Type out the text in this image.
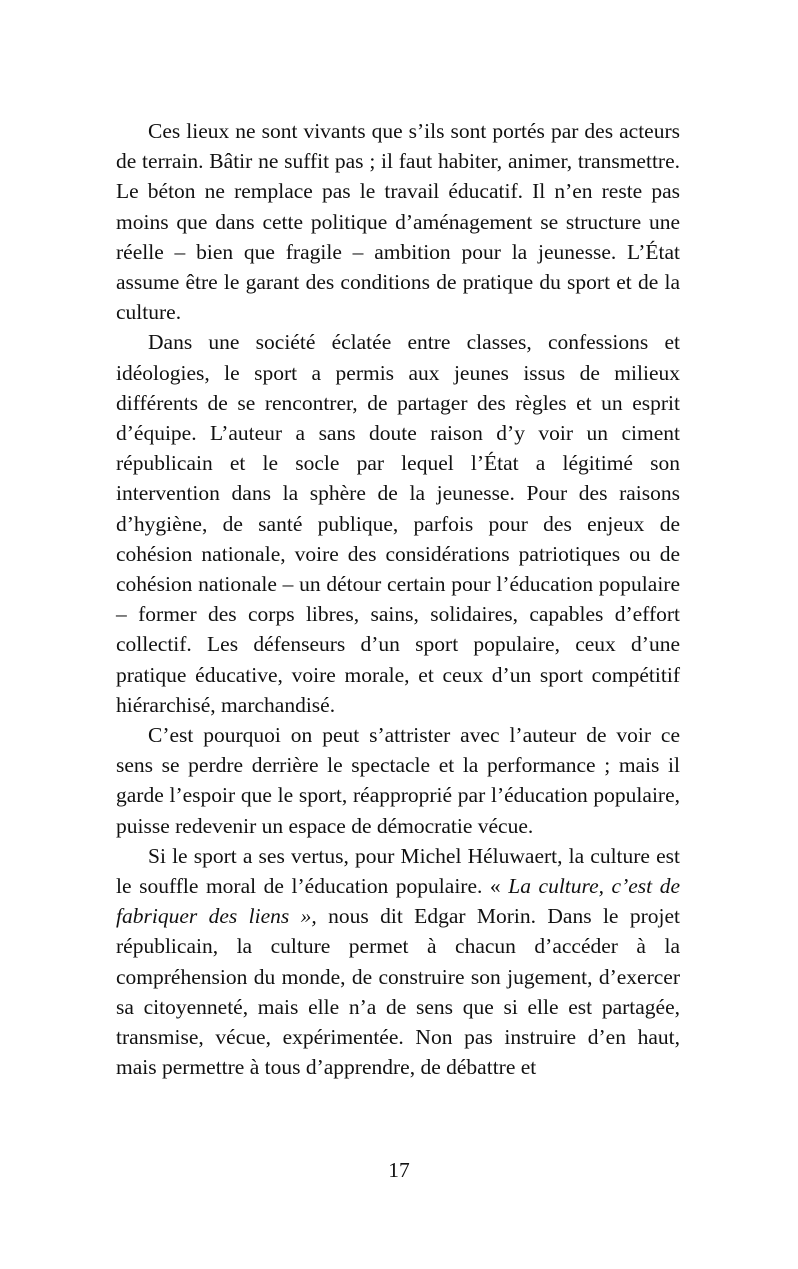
Ces lieux ne sont vivants que s’ils sont portés par des acteurs de terrain. Bâtir ne suffit pas ; il faut habiter, animer, transmettre. Le béton ne remplace pas le travail éducatif. Il n’en reste pas moins que dans cette politique d’aménagement se structure une réelle – bien que fragile – ambition pour la jeunesse. L’État assume être le garant des conditions de pratique du sport et de la culture.

Dans une société éclatée entre classes, confessions et idéologies, le sport a permis aux jeunes issus de milieux différents de se rencontrer, de partager des règles et un esprit d’équipe. L’auteur a sans doute raison d’y voir un ciment républicain et le socle par lequel l’État a légitimé son intervention dans la sphère de la jeunesse. Pour des raisons d’hygiène, de santé publique, parfois pour des enjeux de cohésion nationale, voire des considérations patriotiques ou de cohésion nationale – un détour certain pour l’éducation populaire – former des corps libres, sains, solidaires, capables d’effort collectif. Les défenseurs d’un sport populaire, ceux d’une pratique éducative, voire morale, et ceux d’un sport compétitif hiérarchisé, marchandisé.

C’est pourquoi on peut s’attrister avec l’auteur de voir ce sens se perdre derrière le spectacle et la performance ; mais il garde l’espoir que le sport, réapproprié par l’éducation populaire, puisse redevenir un espace de démocratie vécue.

Si le sport a ses vertus, pour Michel Héluwaert, la culture est le souffle moral de l’éducation populaire. « La culture, c’est de fabriquer des liens », nous dit Edgar Morin. Dans le projet républicain, la culture permet à chacun d’accéder à la compréhension du monde, de construire son jugement, d’exercer sa citoyenneté, mais elle n’a de sens que si elle est partagée, transmise, vécue, expérimentée. Non pas instruire d’en haut, mais permettre à tous d’apprendre, de débattre et

17
